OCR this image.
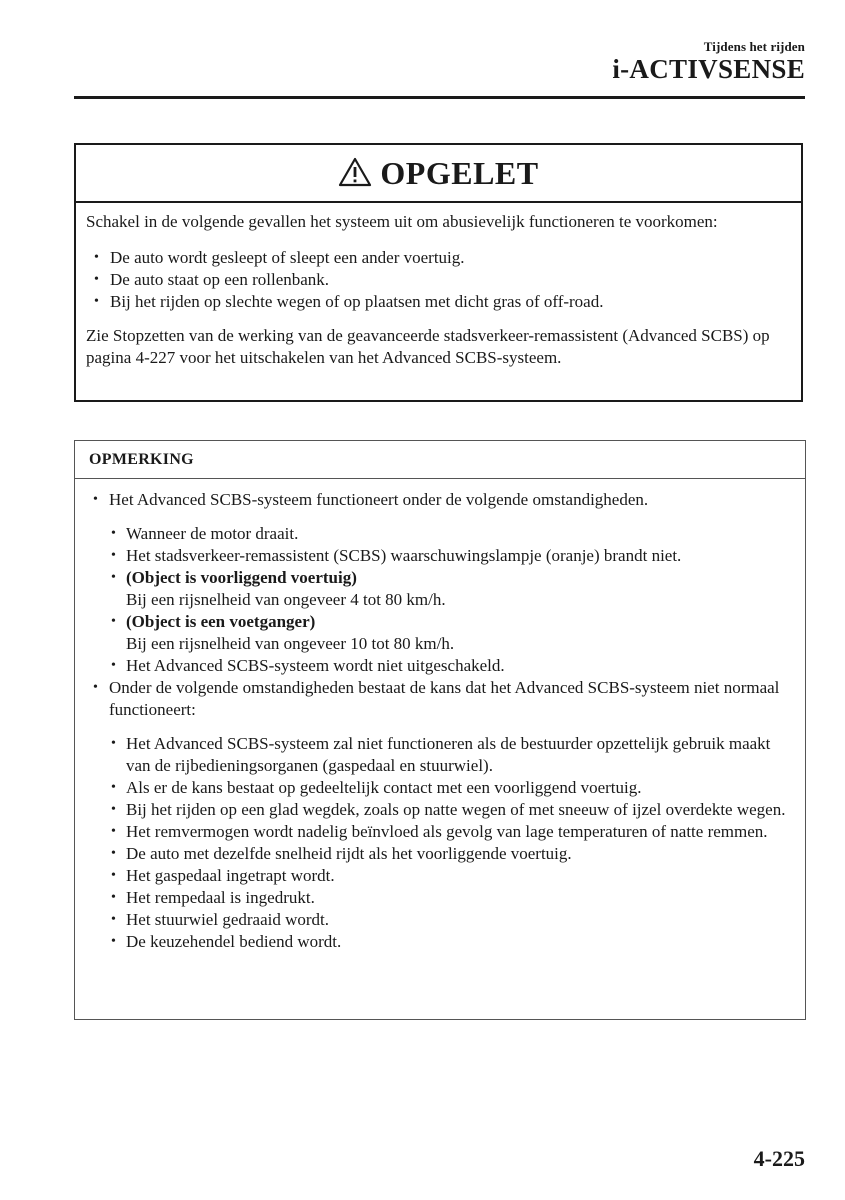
Tijdens het rijden
i-ACTIVSENSE
OPGELET

Schakel in de volgende gevallen het systeem uit om abusievelijk functioneren te voorkomen:

• De auto wordt gesleept of sleept een ander voertuig.
• De auto staat op een rollenbank.
• Bij het rijden op slechte wegen of op plaatsen met dicht gras of off-road.

Zie Stopzetten van de werking van de geavanceerde stadsverkeer-remassistent (Advanced SCBS) op pagina 4-227 voor het uitschakelen van het Advanced SCBS-systeem.

OPMERKING
• Het Advanced SCBS-systeem functioneert onder de volgende omstandigheden.
• Wanneer de motor draait.
• Het stadsverkeer-remassistent (SCBS) waarschuwingslampje (oranje) brandt niet.
• (Object is voorliggend voertuig)
Bij een rijsnelheid van ongeveer 4 tot 80 km/h.
• (Object is een voetganger)
Bij een rijsnelheid van ongeveer 10 tot 80 km/h.
• Het Advanced SCBS-systeem wordt niet uitgeschakeld.
• Onder de volgende omstandigheden bestaat de kans dat het Advanced SCBS-systeem niet normaal functioneert:
• Het Advanced SCBS-systeem zal niet functioneren als de bestuurder opzettelijk gebruik maakt van de rijbedieningsorganen (gaspedaal en stuurwiel).
• Als er de kans bestaat op gedeeltelijk contact met een voorliggend voertuig.
• Bij het rijden op een glad wegdek, zoals op natte wegen of met sneeuw of ijzel overdekte wegen.
• Het remvermogen wordt nadelig beïnvloed als gevolg van lage temperaturen of natte remmen.
• De auto met dezelfde snelheid rijdt als het voorliggende voertuig.
• Het gaspedaal ingetrapt wordt.
• Het rempedaal is ingedrukt.
• Het stuurwiel gedraaid wordt.
• De keuzehendel bediend wordt.
4-225
